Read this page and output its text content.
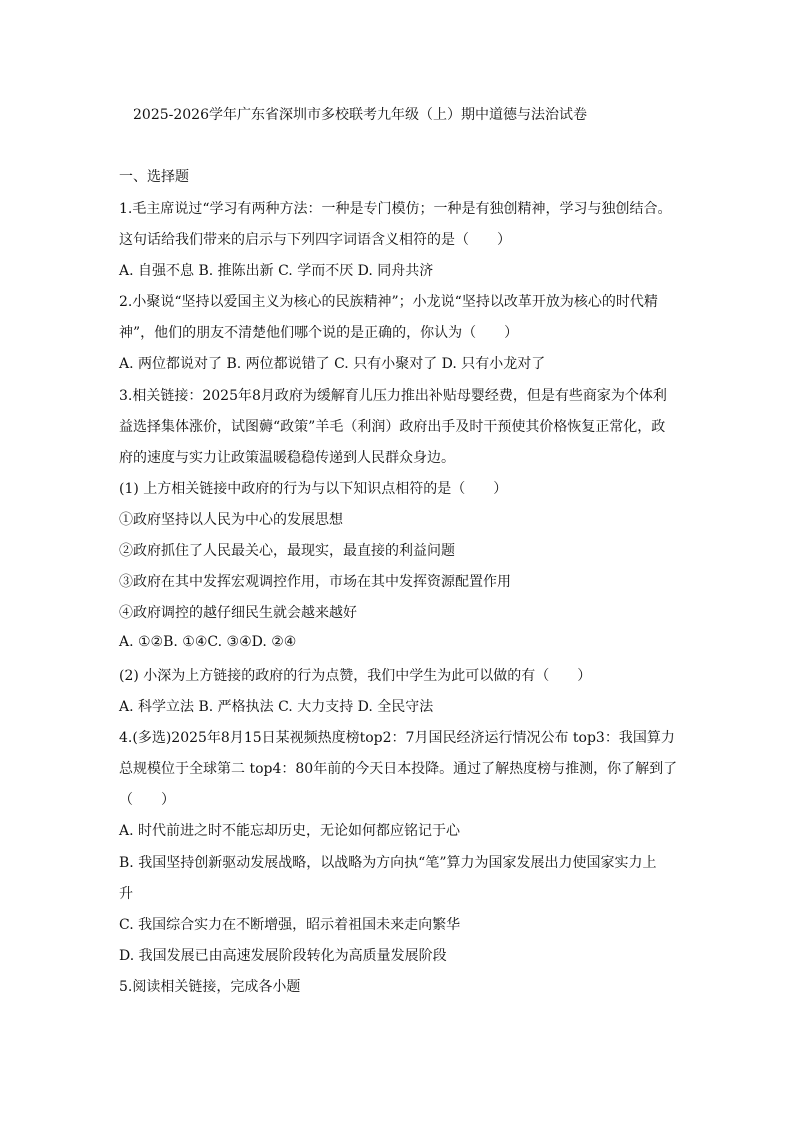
2025-2026学年广东省深圳市多校联考九年级（上）期中道德与法治试卷
一、选择题
1.毛主席说过“学习有两种方法：一种是专门模仿；一种是有独创精神，学习与独创结合。
这句话给我们带来的启示与下列四字词语含义相符的是（　　）
A. 自强不息 B. 推陈出新 C. 学而不厌 D. 同舟共济
2.小聚说“坚持以爱国主义为核心的民族精神”；小龙说“坚持以改革开放为核心的时代精
神”，他们的朋友不清楚他们哪个说的是正确的，你认为（　　）
A. 两位都说对了 B. 两位都说错了 C. 只有小聚对了 D. 只有小龙对了
3.相关链接：2025年8月政府为缓解育儿压力推出补贴母婴经费，但是有些商家为个体利
益选择集体涨价，试图薅“政策”羊毛（利润）政府出手及时干预使其价格恢复正常化，政
府的速度与实力让政策温暖稳稳传递到人民群众身边。
(1) 上方相关链接中政府的行为与以下知识点相符的是（　　）
①政府坚持以人民为中心的发展思想
②政府抓住了人民最关心，最现实，最直接的利益问题
③政府在其中发挥宏观调控作用，市场在其中发挥资源配置作用
④政府调控的越仔细民生就会越来越好
A. ①②B. ①④C. ③④D. ②④
(2) 小深为上方链接的政府的行为点赞，我们中学生为此可以做的有（　　）
A. 科学立法 B. 严格执法 C. 大力支持 D. 全民守法
4.(多选)2025年8月15日某视频热度榜top2：7月国民经济运行情况公布 top3：我国算力
总规模位于全球第二 top4：80年前的今天日本投降。通过了解热度榜与推测，你了解到了
（　　）
A. 时代前进之时不能忘却历史，无论如何都应铭记于心
B. 我国坚持创新驱动发展战略，以战略为方向执“笔”算力为国家发展出力使国家实力上
升
C. 我国综合实力在不断增强，昭示着祖国未来走向繁华
D. 我国发展已由高速发展阶段转化为高质量发展阶段
5.阅读相关链接，完成各小题
